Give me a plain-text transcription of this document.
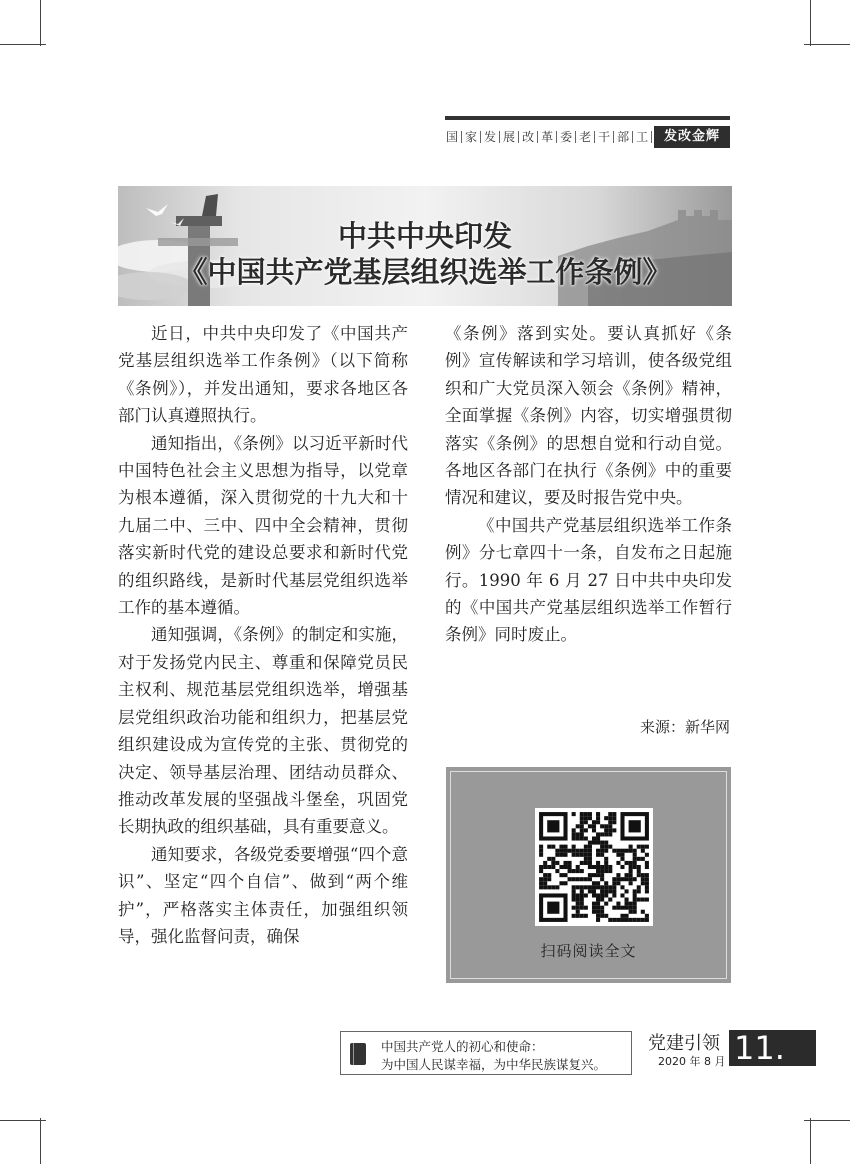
国 家 发 展 改 革 委 老 干 部 工	发改金辉
中共中央印发
《中国共产党基层组织选举工作条例》

近日，中共中央印发了《中国共产党基层组织选举工作条例》（以下简称《条例》），并发出通知，要求各地区各部门认真遵照执行。

通知指出，《条例》以习近平新时代中国特色社会主义思想为指导，以党章为根本遵循，深入贯彻党的十九大和十九届二中、三中、四中全会精神，贯彻落实新时代党的建设总要求和新时代党的组织路线，是新时代基层党组织选举工作的基本遵循。

通知强调，《条例》的制定和实施，对于发扬党内民主、尊重和保障党员民主权利、规范基层党组织选举，增强基层党组织政治功能和组织力，把基层党组织建设成为宣传党的主张、贯彻党的决定、领导基层治理、团结动员群众、推动改革发展的坚强战斗堡垒，巩固党长期执政的组织基础，具有重要意义。

通知要求，各级党委要增强“四个意识”、坚定“四个自信”、做到“两个维护”，严格落实主体责任，加强组织领导，强化监督问责，确保

《条例》落到实处。要认真抓好《条例》宣传解读和学习培训，使各级党组织和广大党员深入领会《条例》精神，全面掌握《条例》内容，切实增强贯彻落实《条例》的思想自觉和行动自觉。各地区各部门在执行《条例》中的重要情况和建议，要及时报告党中央。

《中国共产党基层组织选举工作条例》分七章四十一条，自发布之日起施行。1990 年 6 月 27 日中共中央印发的《中国共产党基层组织选举工作暂行条例》同时废止。

来源：新华网
扫码阅读全文
中国共产党人的初心和使命：
为中国人民谋幸福，为中华民族谋复兴。
党建引领
2020 年 8 月 11.
